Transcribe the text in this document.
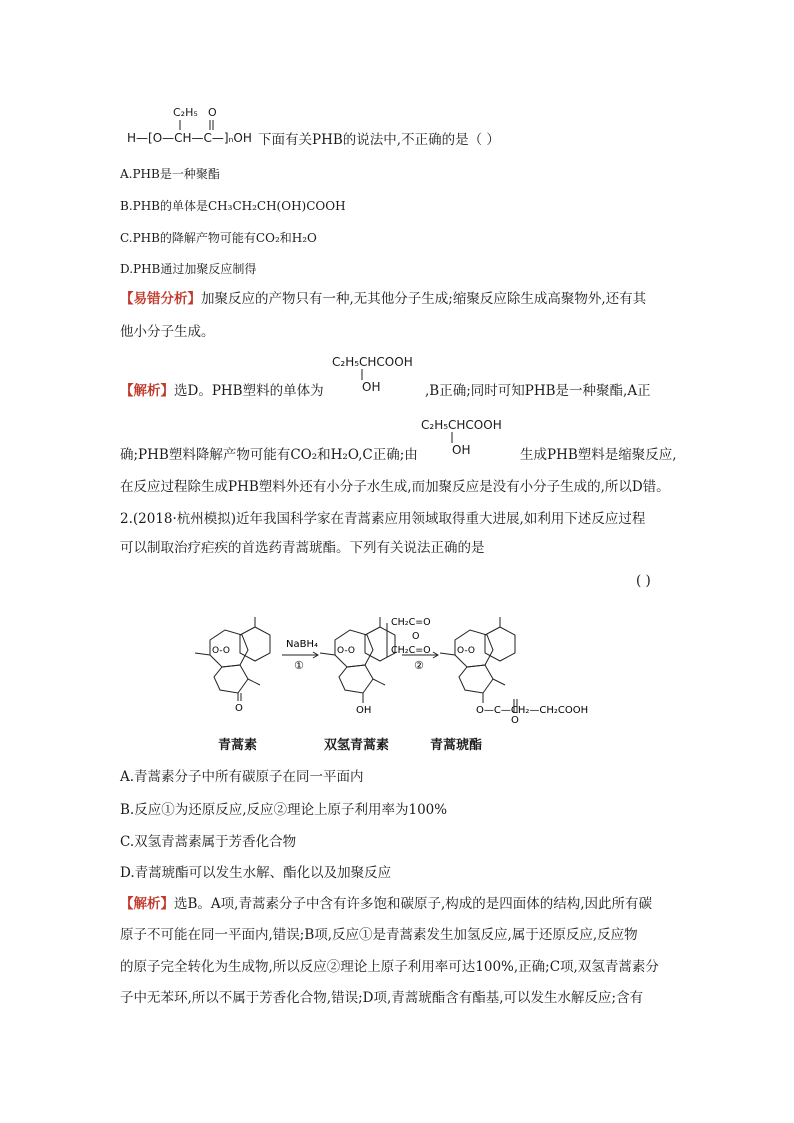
C₂H₅ O
H—[O—CH—C—]ₙOH 下面有关PHB的说法中,不正确的是（ ）
A.PHB是一种聚酯
B.PHB的单体是CH₃CH₂CH(OH)COOH
C.PHB的降解产物可能有CO₂和H₂O
D.PHB通过加聚反应制得
【易错分析】加聚反应的产物只有一种,无其他分子生成;缩聚反应除生成高聚物外,还有其
他小分子生成。
C₂H₅CHCOOH
OH
【解析】选D。PHB塑料的单体为	,B正确;同时可知PHB是一种聚酯,A正
C₂H₅CHCOOH
OH
确;PHB塑料降解产物可能有CO₂和H₂O,C正确;由	生成PHB塑料是缩聚反应,
在反应过程除生成PHB塑料外还有小分子水生成,而加聚反应是没有小分子生成的,所以D错。
2.(2018·杭州模拟)近年我国科学家在青蒿素应用领域取得重大进展,如利用下述反应过程
可以制取治疗疟疾的首选药青蒿琥酯。下列有关说法正确的是
( )
NaBH₄
①	②
CH₂C=O
O
CH₂C=O
O-O	O-O	O-O
O	OH	O—C—CH₂—CH₂COOH
O
青蒿素	双氢青蒿素	青蒿琥酯
A.青蒿素分子中所有碳原子在同一平面内
B.反应①为还原反应,反应②理论上原子利用率为100%
C.双氢青蒿素属于芳香化合物
D.青蒿琥酯可以发生水解、酯化以及加聚反应
【解析】选B。A项,青蒿素分子中含有许多饱和碳原子,构成的是四面体的结构,因此所有碳
原子不可能在同一平面内,错误;B项,反应①是青蒿素发生加氢反应,属于还原反应,反应物
的原子完全转化为生成物,所以反应②理论上原子利用率可达100%,正确;C项,双氢青蒿素分
子中无苯环,所以不属于芳香化合物,错误;D项,青蒿琥酯含有酯基,可以发生水解反应;含有
